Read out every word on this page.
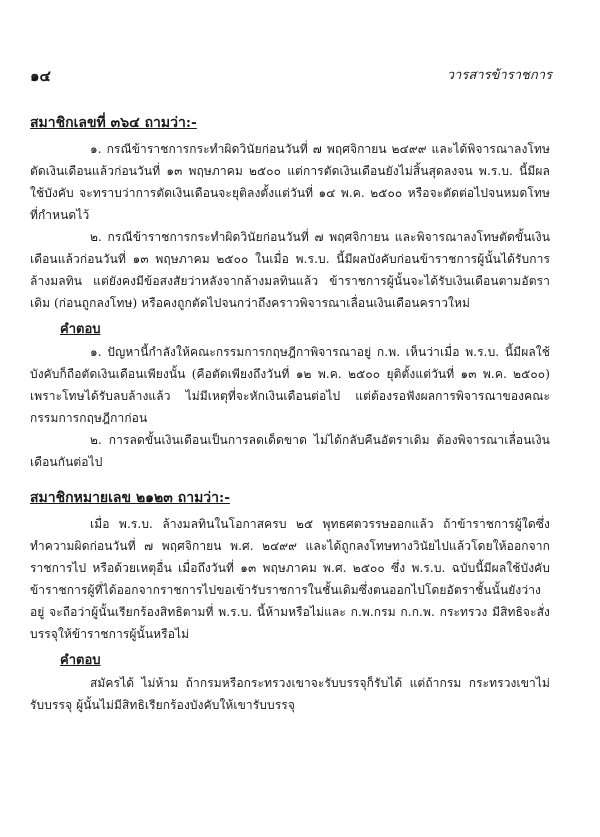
๑๔	วารสารข้าราชการ
สมาชิกเลขที่ ๓๖๔ ถามว่า:-

๑. กรณีข้าราชการกระทำผิดวินัยก่อนวันที่ ๗ พฤศจิกายน ๒๔๙๙ และได้พิจารณาลงโทษตัดเงินเดือนแล้วก่อนวันที่ ๑๓ พฤษภาคม ๒๕๐๐ แต่การตัดเงินเดือนยังไม่สิ้นสุดลงจน พ.ร.บ. นี้มีผลใช้บังคับ จะทราบว่าการตัดเงินเดือนจะยุติลงตั้งแต่วันที่ ๑๔ พ.ค. ๒๕๐๐ หรือจะตัดต่อไปจนหมดโทษที่กำหนดไว้

๒. กรณีข้าราชการกระทำผิดวินัยก่อนวันที่ ๗ พฤศจิกายน และพิจารณาลงโทษตัดขั้นเงินเดือนแล้วก่อนวันที่ ๑๓ พฤษภาคม ๒๕๐๐ ในเมื่อ พ.ร.บ. นี้มีผลบังคับก่อนข้าราชการผู้นั้นได้รับการล้างมลทิน แต่ยังคงมีข้อสงสัยว่าหลังจากล้างมลทินแล้ว ข้าราชการผู้นั้นจะได้รับเงินเดือนตามอัตราเดิม (ก่อนถูกลงโทษ) หรือคงถูกตัดไปจนกว่าถึงคราวพิจารณาเลื่อนเงินเดือนคราวใหม่

คำตอบ

๑. ปัญหานี้กำลังให้คณะกรรมการกฤษฎีกาพิจารณาอยู่ ก.พ. เห็นว่าเมื่อ พ.ร.บ. นี้มีผลใช้บังคับก็ถือตัดเงินเดือนเพียงนั้น (คือตัดเพียงถึงวันที่ ๑๒ พ.ค. ๒๕๐๐ ยุติตั้งแต่วันที่ ๑๓ พ.ค. ๒๕๐๐) เพราะโทษได้รับลบล้างแล้ว ไม่มีเหตุที่จะหักเงินเดือนต่อไป แต่ต้องรอฟังผลการพิจารณาของคณะกรรมการกฤษฎีกาก่อน

๒. การลดขั้นเงินเดือนเป็นการลดเด็ดขาด ไม่ได้กลับคืนอัตราเดิม ต้องพิจารณาเลื่อนเงินเดือนกันต่อไป

สมาชิกหมายเลข ๒๑๒๓ ถามว่า:-

เมื่อ พ.ร.บ. ล้างมลทินในโอกาสครบ ๒๕ พุทธศตวรรษออกแล้ว ถ้าข้าราชการผู้ใดซึ่งทำความผิดก่อนวันที่ ๗ พฤศจิกายน พ.ศ. ๒๔๙๙ และได้ถูกลงโทษทางวินัยไปแล้วโดยให้ออกจากราชการไป หรือด้วยเหตุอื่น เมื่อถึงวันที่ ๑๓ พฤษภาคม พ.ศ. ๒๕๐๐ ซึ่ง พ.ร.บ. ฉบับนี้มีผลใช้บังคับ ข้าราชการผู้ที่ได้ออกจากราชการไปขอเข้ารับราชการในชั้นเดิมซึ่งตนออกไปโดยอัตราชั้นนั้นยังว่างอยู่ จะถือว่าผู้นั้นเรียกร้องสิทธิตามที่ พ.ร.บ. นี้ห้ามหรือไม่และ ก.พ.กรม ก.ก.พ. กระทรวง มีสิทธิจะสั่งบรรจุให้ข้าราชการผู้นั้นหรือไม่

คำตอบ

สมัครได้ ไม่ห้าม ถ้ากรมหรือกระทรวงเขาจะรับบรรจุก็รับได้ แต่ถ้ากรม กระทรวงเขาไม่รับบรรจุ ผู้นั้นไม่มีสิทธิเรียกร้องบังคับให้เขารับบรรจุ
